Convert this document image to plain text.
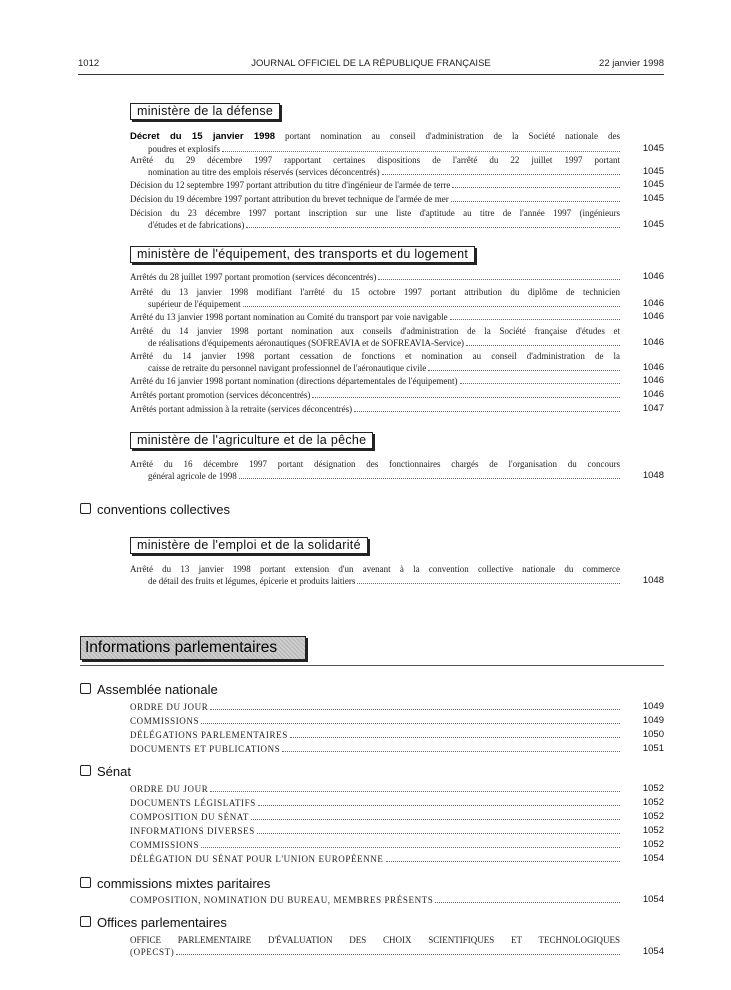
1012	JOURNAL OFFICIEL DE LA RÉPUBLIQUE FRANÇAISE	22 janvier 1998
ministère de la défense
Décret du 15 janvier 1998 portant nomination au conseil d'administration de la Société nationale des
poudres et explosifs	1045
Arrêté du 29 décembre 1997 rapportant certaines dispositions de l'arrêté du 22 juillet 1997 portant
nomination au titre des emplois réservés (services déconcentrés)	1045
Décision du 12 septembre 1997 portant attribution du titre d'ingénieur de l'armée de terre	1045
Décision du 19 décembre 1997 portant attribution du brevet technique de l'armée de mer	1045
Décision du 23 décembre 1997 portant inscription sur une liste d'aptitude au titre de l'année 1997 (ingénieurs
d'études et de fabrications)	1045
ministère de l'équipement, des transports et du logement
Arrêtés du 28 juillet 1997 portant promotion (services déconcentrés)	1046
Arrêté du 13 janvier 1998 modifiant l'arrêté du 15 octobre 1997 portant attribution du diplôme de technicien
supérieur de l'équipement	1046
Arrêté du 13 janvier 1998 portant nomination au Comité du transport par voie navigable	1046
Arrêté du 14 janvier 1998 portant nomination aux conseils d'administration de la Société française d'études et
de réalisations d'équipements aéronautiques (SOFREAVIA et de SOFREAVIA-Service)	1046
Arrêté du 14 janvier 1998 portant cessation de fonctions et nomination au conseil d'administration de la
caisse de retraite du personnel navigant professionnel de l'aéronautique civile	1046
Arrêté du 16 janvier 1998 portant nomination (directions départementales de l'équipement)	1046
Arrêtés portant promotion (services déconcentrés)	1046
Arrêtés portant admission à la retraite (services déconcentrés)	1047
ministère de l'agriculture et de la pêche
Arrêté du 16 décembre 1997 portant désignation des fonctionnaires chargés de l'organisation du concours
général agricole de 1998	1048
conventions collectives
ministère de l'emploi et de la solidarité
Arrêté du 13 janvier 1998 portant extension d'un avenant à la convention collective nationale du commerce
de détail des fruits et légumes, épicerie et produits laitiers	1048
Informations parlementaires
Assemblée nationale
ORDRE DU JOUR	1049
COMMISSIONS	1049
DÉLÉGATIONS PARLEMENTAIRES	1050
DOCUMENTS ET PUBLICATIONS	1051
Sénat
ORDRE DU JOUR	1052
DOCUMENTS LÉGISLATIFS	1052
COMPOSITION DU SÉNAT	1052
INFORMATIONS DIVERSES	1052
COMMISSIONS	1052
DÉLÉGATION DU SÉNAT POUR L'UNION EUROPÉENNE	1054
commissions mixtes paritaires
COMPOSITION, NOMINATION DU BUREAU, MEMBRES PRÉSENTS	1054
Offices parlementaires
OFFICE PARLEMENTAIRE D'ÉVALUATION DES CHOIX SCIENTIFIQUES ET TECHNOLOGIQUES
(OPECST)	1054
